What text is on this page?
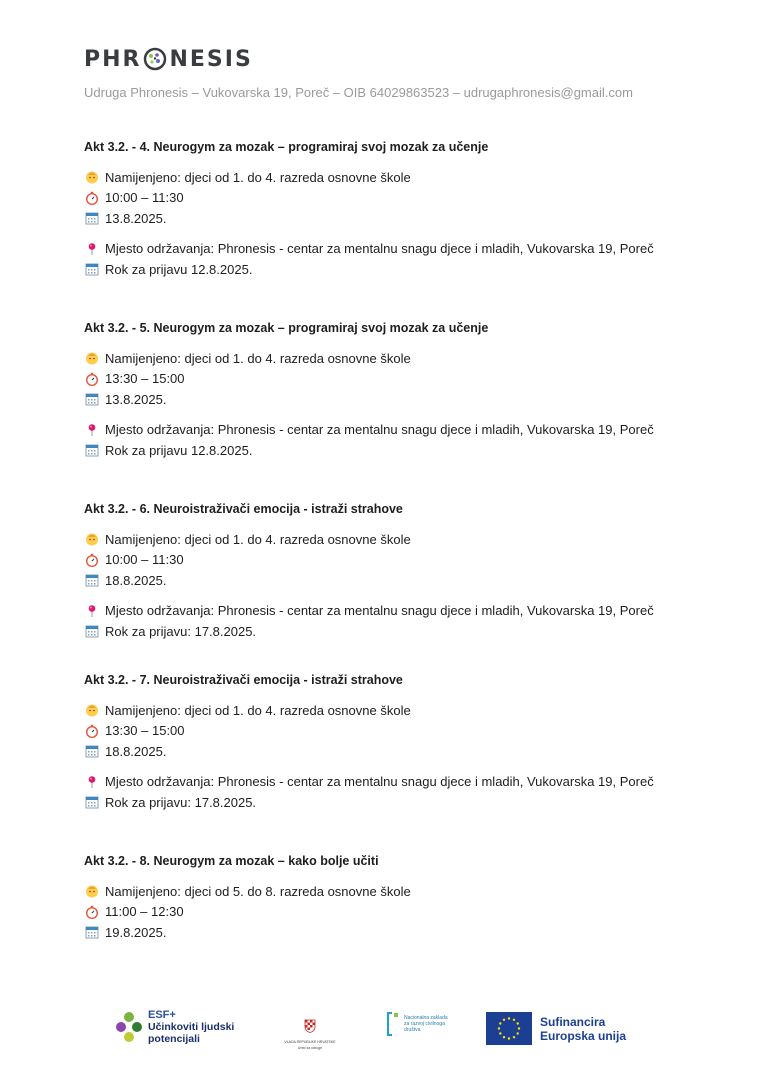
PHR NESIS
Udruga Phronesis – Vukovarska 19, Poreč – OIB 64029863523 – udrugaphronesis@gmail.com
Akt 3.2. - 4. Neurogym za mozak – programiraj svoj mozak za učenje
Namijenjeno: djeci od 1. do 4. razreda osnovne škole
10:00 – 11:30
13.8.2025.
Mjesto održavanja: Phronesis - centar za mentalnu snagu djece i mladih, Vukovarska 19, Poreč
Rok za prijavu 12.8.2025.
Akt 3.2. - 5. Neurogym za mozak – programiraj svoj mozak za učenje
Namijenjeno: djeci od 1. do 4. razreda osnovne škole
13:30 – 15:00
13.8.2025.
Mjesto održavanja: Phronesis - centar za mentalnu snagu djece i mladih, Vukovarska 19, Poreč
Rok za prijavu 12.8.2025.
Akt 3.2. - 6. Neuroistraživači emocija - istraži strahove
Namijenjeno: djeci od 1. do 4. razreda osnovne škole
10:00 – 11:30
18.8.2025.
Mjesto održavanja: Phronesis - centar za mentalnu snagu djece i mladih, Vukovarska 19, Poreč
Rok za prijavu: 17.8.2025.
Akt 3.2. - 7. Neuroistraživači emocija - istraži strahove
Namijenjeno: djeci od 1. do 4. razreda osnovne škole
13:30 – 15:00
18.8.2025.
Mjesto održavanja: Phronesis - centar za mentalnu snagu djece i mladih, Vukovarska 19, Poreč
Rok za prijavu: 17.8.2025.
Akt 3.2. - 8. Neurogym za mozak – kako bolje učiti
Namijenjeno: djeci od 5. do 8. razreda osnovne škole
11:00 – 12:30
19.8.2025.
ESF+
Učinkoviti ljudski
potencijali	VLADA REPUBLIKE HRVATSKE
Ured za udruge
Nacionalna zaklada za razvoj civilnoga društva
Sufinancira
Europska unija
